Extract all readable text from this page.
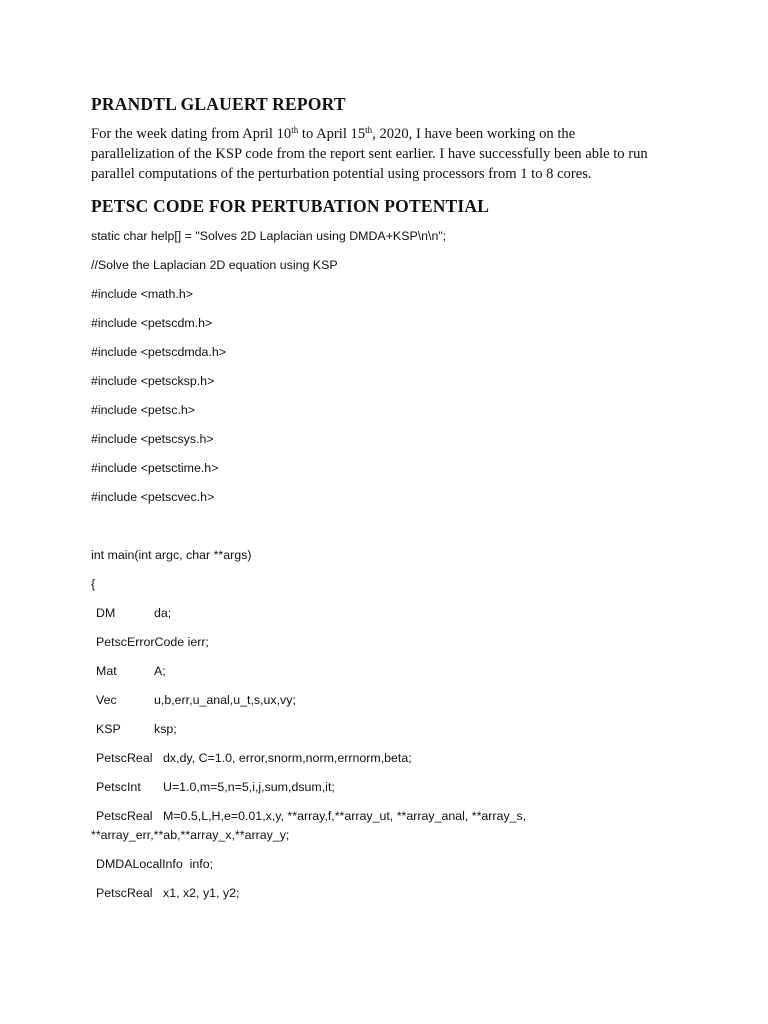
PRANDTL GLAUERT REPORT
For the week dating from April 10th to April 15th, 2020, I have been working on the
parallelization of the KSP code from the report sent earlier. I have successfully been able to run
parallel computations of the perturbation potential using processors from 1 to 8 cores.
PETSC CODE FOR PERTUBATION POTENTIAL
static char help[] = "Solves 2D Laplacian using DMDA+KSP\n\n";
//Solve the Laplacian 2D equation using KSP
#include <math.h>
#include <petscdm.h>
#include <petscdmda.h>
#include <petscksp.h>
#include <petsc.h>
#include <petscsys.h>
#include <petsctime.h>
#include <petscvec.h>
int main(int argc, char **args)
{
DM	da;
PetscErrorCode ierr;
Mat	A;
Vec	u,b,err,u_anal,u_t,s,ux,vy;
KSP	ksp;
PetscReal dx,dy, C=1.0, error,snorm,norm,errnorm,beta;
PetscInt U=1.0,m=5,n=5,i,j,sum,dsum,it;
PetscReal M=0.5,L,H,e=0.01,x,y, **array,f,**array_ut, **array_anal, **array_s,
**array_err,**ab,**array_x,**array_y;
DMDALocalInfo  info;
PetscReal x1, x2, y1, y2;
